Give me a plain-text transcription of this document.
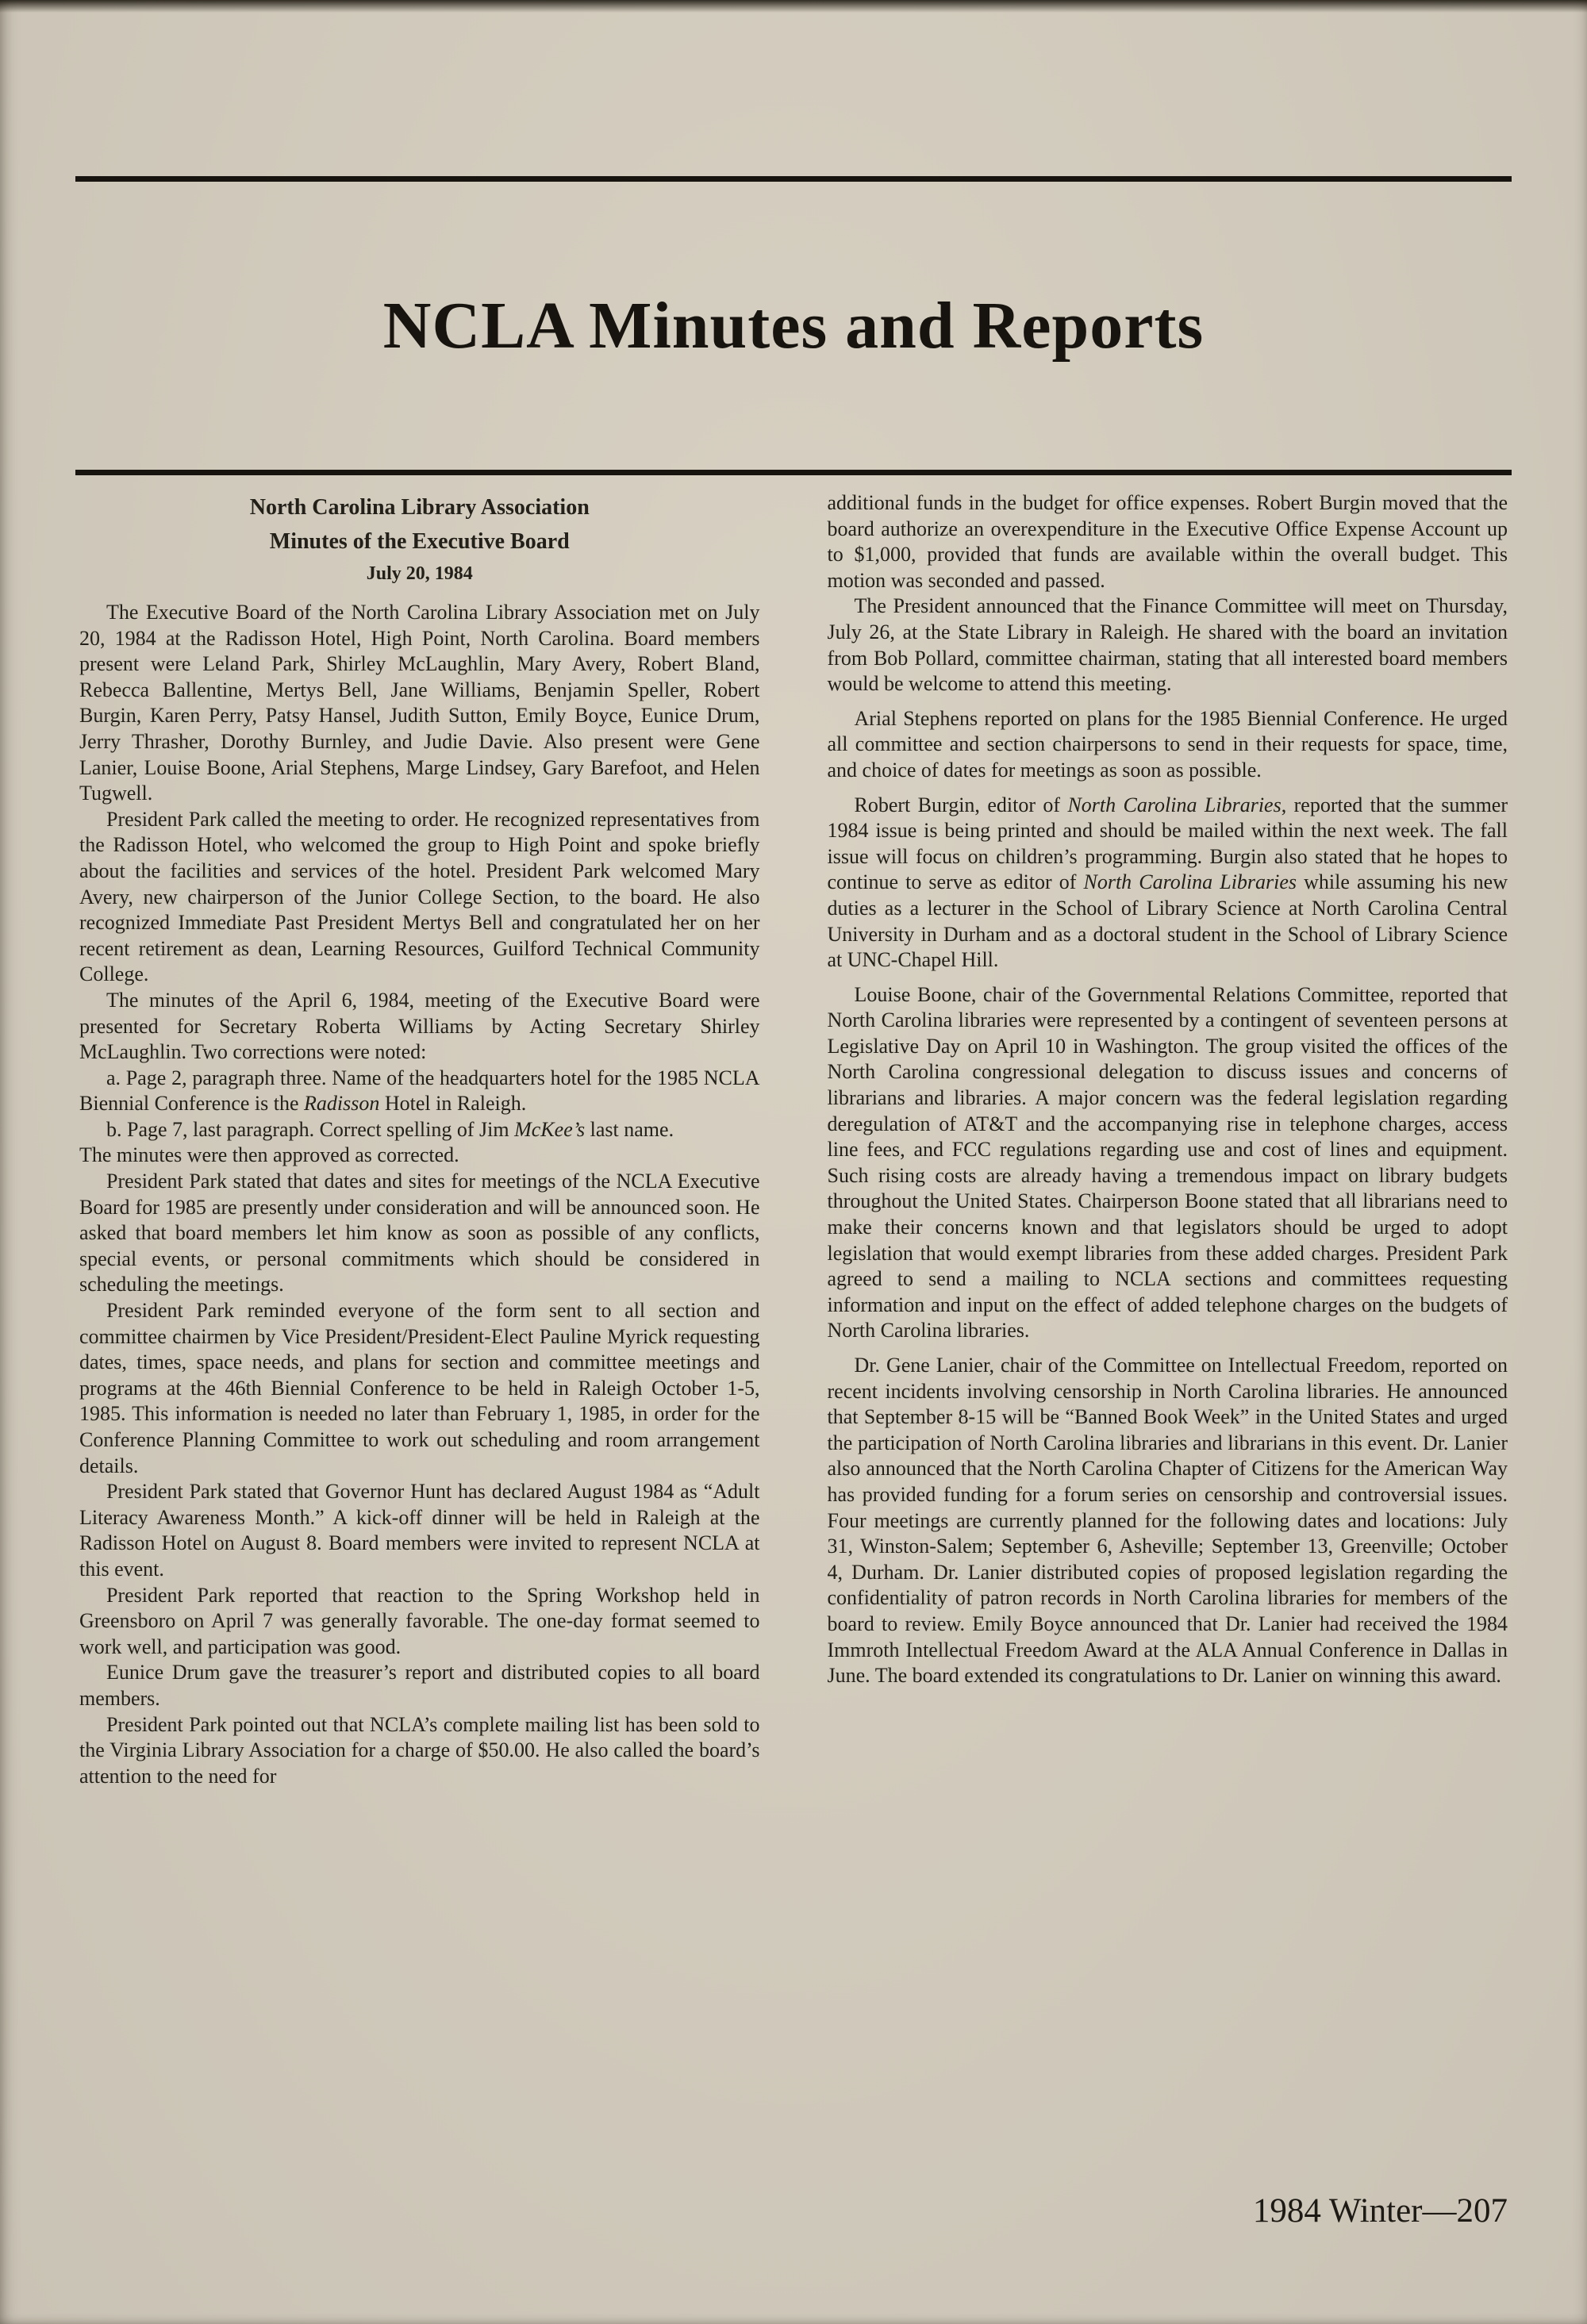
NCLA Minutes and Reports
North Carolina Library Association
Minutes of the Executive Board
July 20, 1984

The Executive Board of the North Carolina Library Association met on July 20, 1984 at the Radisson Hotel, High Point, North Carolina. Board members present were Leland Park, Shirley McLaughlin, Mary Avery, Robert Bland, Rebecca Ballentine, Mertys Bell, Jane Williams, Benjamin Speller, Robert Burgin, Karen Perry, Patsy Hansel, Judith Sutton, Emily Boyce, Eunice Drum, Jerry Thrasher, Dorothy Burnley, and Judie Davie. Also present were Gene Lanier, Louise Boone, Arial Stephens, Marge Lindsey, Gary Barefoot, and Helen Tugwell.

President Park called the meeting to order. He recognized representatives from the Radisson Hotel, who welcomed the group to High Point and spoke briefly about the facilities and services of the hotel. President Park welcomed Mary Avery, new chairperson of the Junior College Section, to the board. He also recognized Immediate Past President Mertys Bell and congratulated her on her recent retirement as dean, Learning Resources, Guilford Technical Community College.

The minutes of the April 6, 1984, meeting of the Executive Board were presented for Secretary Roberta Williams by Acting Secretary Shirley McLaughlin. Two corrections were noted:

a. Page 2, paragraph three. Name of the headquarters hotel for the 1985 NCLA Biennial Conference is the Radisson Hotel in Raleigh.

b. Page 7, last paragraph. Correct spelling of Jim McKee’s last name.

The minutes were then approved as corrected.

President Park stated that dates and sites for meetings of the NCLA Executive Board for 1985 are presently under consideration and will be announced soon. He asked that board members let him know as soon as possible of any conflicts, special events, or personal commitments which should be considered in scheduling the meetings.

President Park reminded everyone of the form sent to all section and committee chairmen by Vice President/President-Elect Pauline Myrick requesting dates, times, space needs, and plans for section and committee meetings and programs at the 46th Biennial Conference to be held in Raleigh October 1-5, 1985. This information is needed no later than February 1, 1985, in order for the Conference Planning Committee to work out scheduling and room arrangement details.

President Park stated that Governor Hunt has declared August 1984 as “Adult Literacy Awareness Month.” A kick-off dinner will be held in Raleigh at the Radisson Hotel on August 8. Board members were invited to represent NCLA at this event.

President Park reported that reaction to the Spring Workshop held in Greensboro on April 7 was generally favorable. The one-day format seemed to work well, and participation was good.

Eunice Drum gave the treasurer’s report and distributed copies to all board members.

President Park pointed out that NCLA’s complete mailing list has been sold to the Virginia Library Association for a charge of $50.00. He also called the board’s attention to the need for

additional funds in the budget for office expenses. Robert Burgin moved that the board authorize an overexpenditure in the Executive Office Expense Account up to $1,000, provided that funds are available within the overall budget. This motion was seconded and passed.

The President announced that the Finance Committee will meet on Thursday, July 26, at the State Library in Raleigh. He shared with the board an invitation from Bob Pollard, committee chairman, stating that all interested board members would be welcome to attend this meeting.

Arial Stephens reported on plans for the 1985 Biennial Conference. He urged all committee and section chairpersons to send in their requests for space, time, and choice of dates for meetings as soon as possible.

Robert Burgin, editor of North Carolina Libraries, reported that the summer 1984 issue is being printed and should be mailed within the next week. The fall issue will focus on children’s programming. Burgin also stated that he hopes to continue to serve as editor of North Carolina Libraries while assuming his new duties as a lecturer in the School of Library Science at North Carolina Central University in Durham and as a doctoral student in the School of Library Science at UNC-Chapel Hill.

Louise Boone, chair of the Governmental Relations Committee, reported that North Carolina libraries were represented by a contingent of seventeen persons at Legislative Day on April 10 in Washington. The group visited the offices of the North Carolina congressional delegation to discuss issues and concerns of librarians and libraries. A major concern was the federal legislation regarding deregulation of AT&T and the accompanying rise in telephone charges, access line fees, and FCC regulations regarding use and cost of lines and equipment. Such rising costs are already having a tremendous impact on library budgets throughout the United States. Chairperson Boone stated that all librarians need to make their concerns known and that legislators should be urged to adopt legislation that would exempt libraries from these added charges. President Park agreed to send a mailing to NCLA sections and committees requesting information and input on the effect of added telephone charges on the budgets of North Carolina libraries.

Dr. Gene Lanier, chair of the Committee on Intellectual Freedom, reported on recent incidents involving censorship in North Carolina libraries. He announced that September 8-15 will be “Banned Book Week” in the United States and urged the participation of North Carolina libraries and librarians in this event. Dr. Lanier also announced that the North Carolina Chapter of Citizens for the American Way has provided funding for a forum series on censorship and controversial issues. Four meetings are currently planned for the following dates and locations: July 31, Winston-Salem; September 6, Asheville; September 13, Greenville; October 4, Durham. Dr. Lanier distributed copies of proposed legislation regarding the confidentiality of patron records in North Carolina libraries for members of the board to review. Emily Boyce announced that Dr. Lanier had received the 1984 Immroth Intellectual Freedom Award at the ALA Annual Conference in Dallas in June. The board extended its congratulations to Dr. Lanier on winning this award.

1984 Winter—207
